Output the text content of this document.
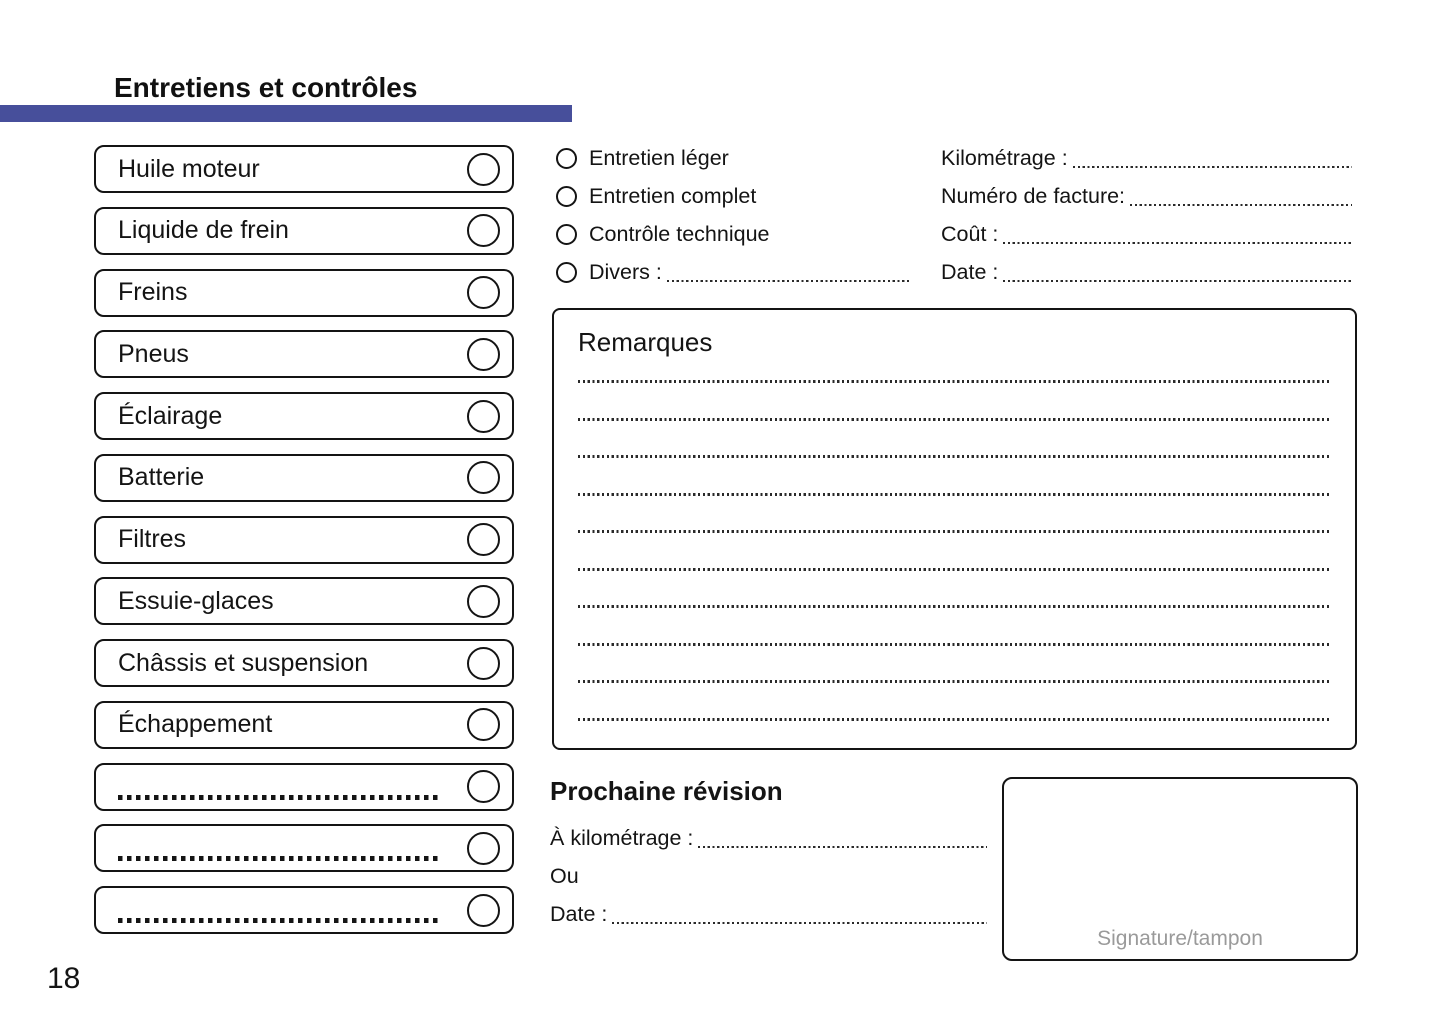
Entretiens et contrôles
Huile moteur
Liquide de frein
Freins
Pneus
Éclairage
Batterie
Filtres
Essuie-glaces
Châssis et suspension
Échappement
Entretien léger
Entretien complet
Contrôle technique
Divers :
Kilométrage :
Numéro de facture:
Coût :
Date :
Remarques
Prochaine révision
À kilométrage :
Ou
Date :
Signature/tampon
18
